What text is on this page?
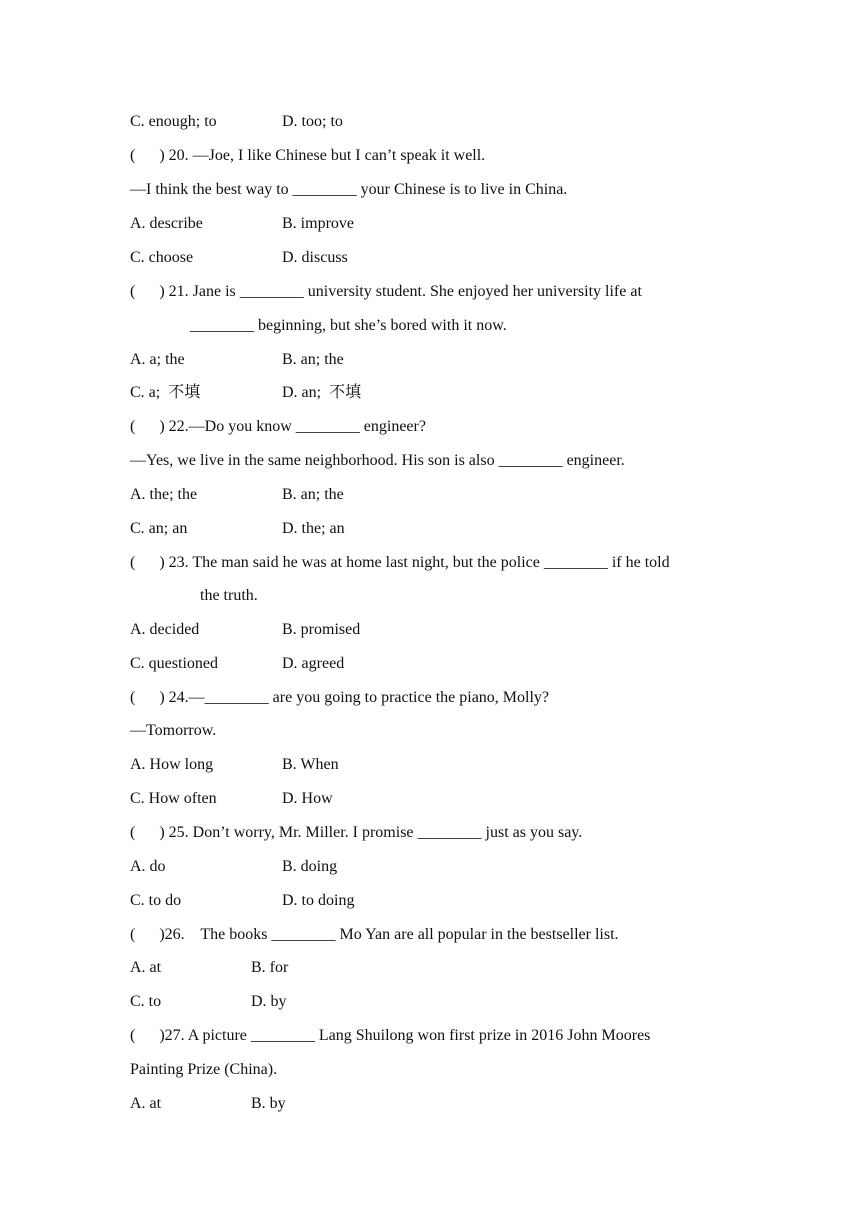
C. enough; to	D. too; to
(      ) 20. —Joe, I like Chinese but I can’t speak it well.
—I think the best way to ________ your Chinese is to live in China.
A. describe	B. improve
C. choose	D. discuss
(      ) 21. Jane is ________ university student. She enjoyed her university life at
________ beginning, but she’s bored with it now.
A. a; the	B. an; the
C. a;  不填	D. an;  不填
(      ) 22.—Do you know ________ engineer?
—Yes, we live in the same neighborhood. His son is also ________ engineer.
A. the; the	B. an; the
C. an; an	D. the; an
(      ) 23. The man said he was at home last night, but the police ________ if he told
the truth.
A. decided	B. promised
C. questioned	D. agreed
(      ) 24.—________ are you going to practice the piano, Molly?
—Tomorrow.
A. How long	B. When
C. How often	D. How
(      ) 25. Don’t worry, Mr. Miller. I promise ________ just as you say.
A. do	B. doing
C. to do	D. to doing
(      )26.    The books ________ Mo Yan are all popular in the bestseller list.
A. at	B. for
C. to	D. by
(      )27. A picture ________ Lang Shuilong won first prize in 2016 John Moores
Painting Prize (China).
A. at	B. by
